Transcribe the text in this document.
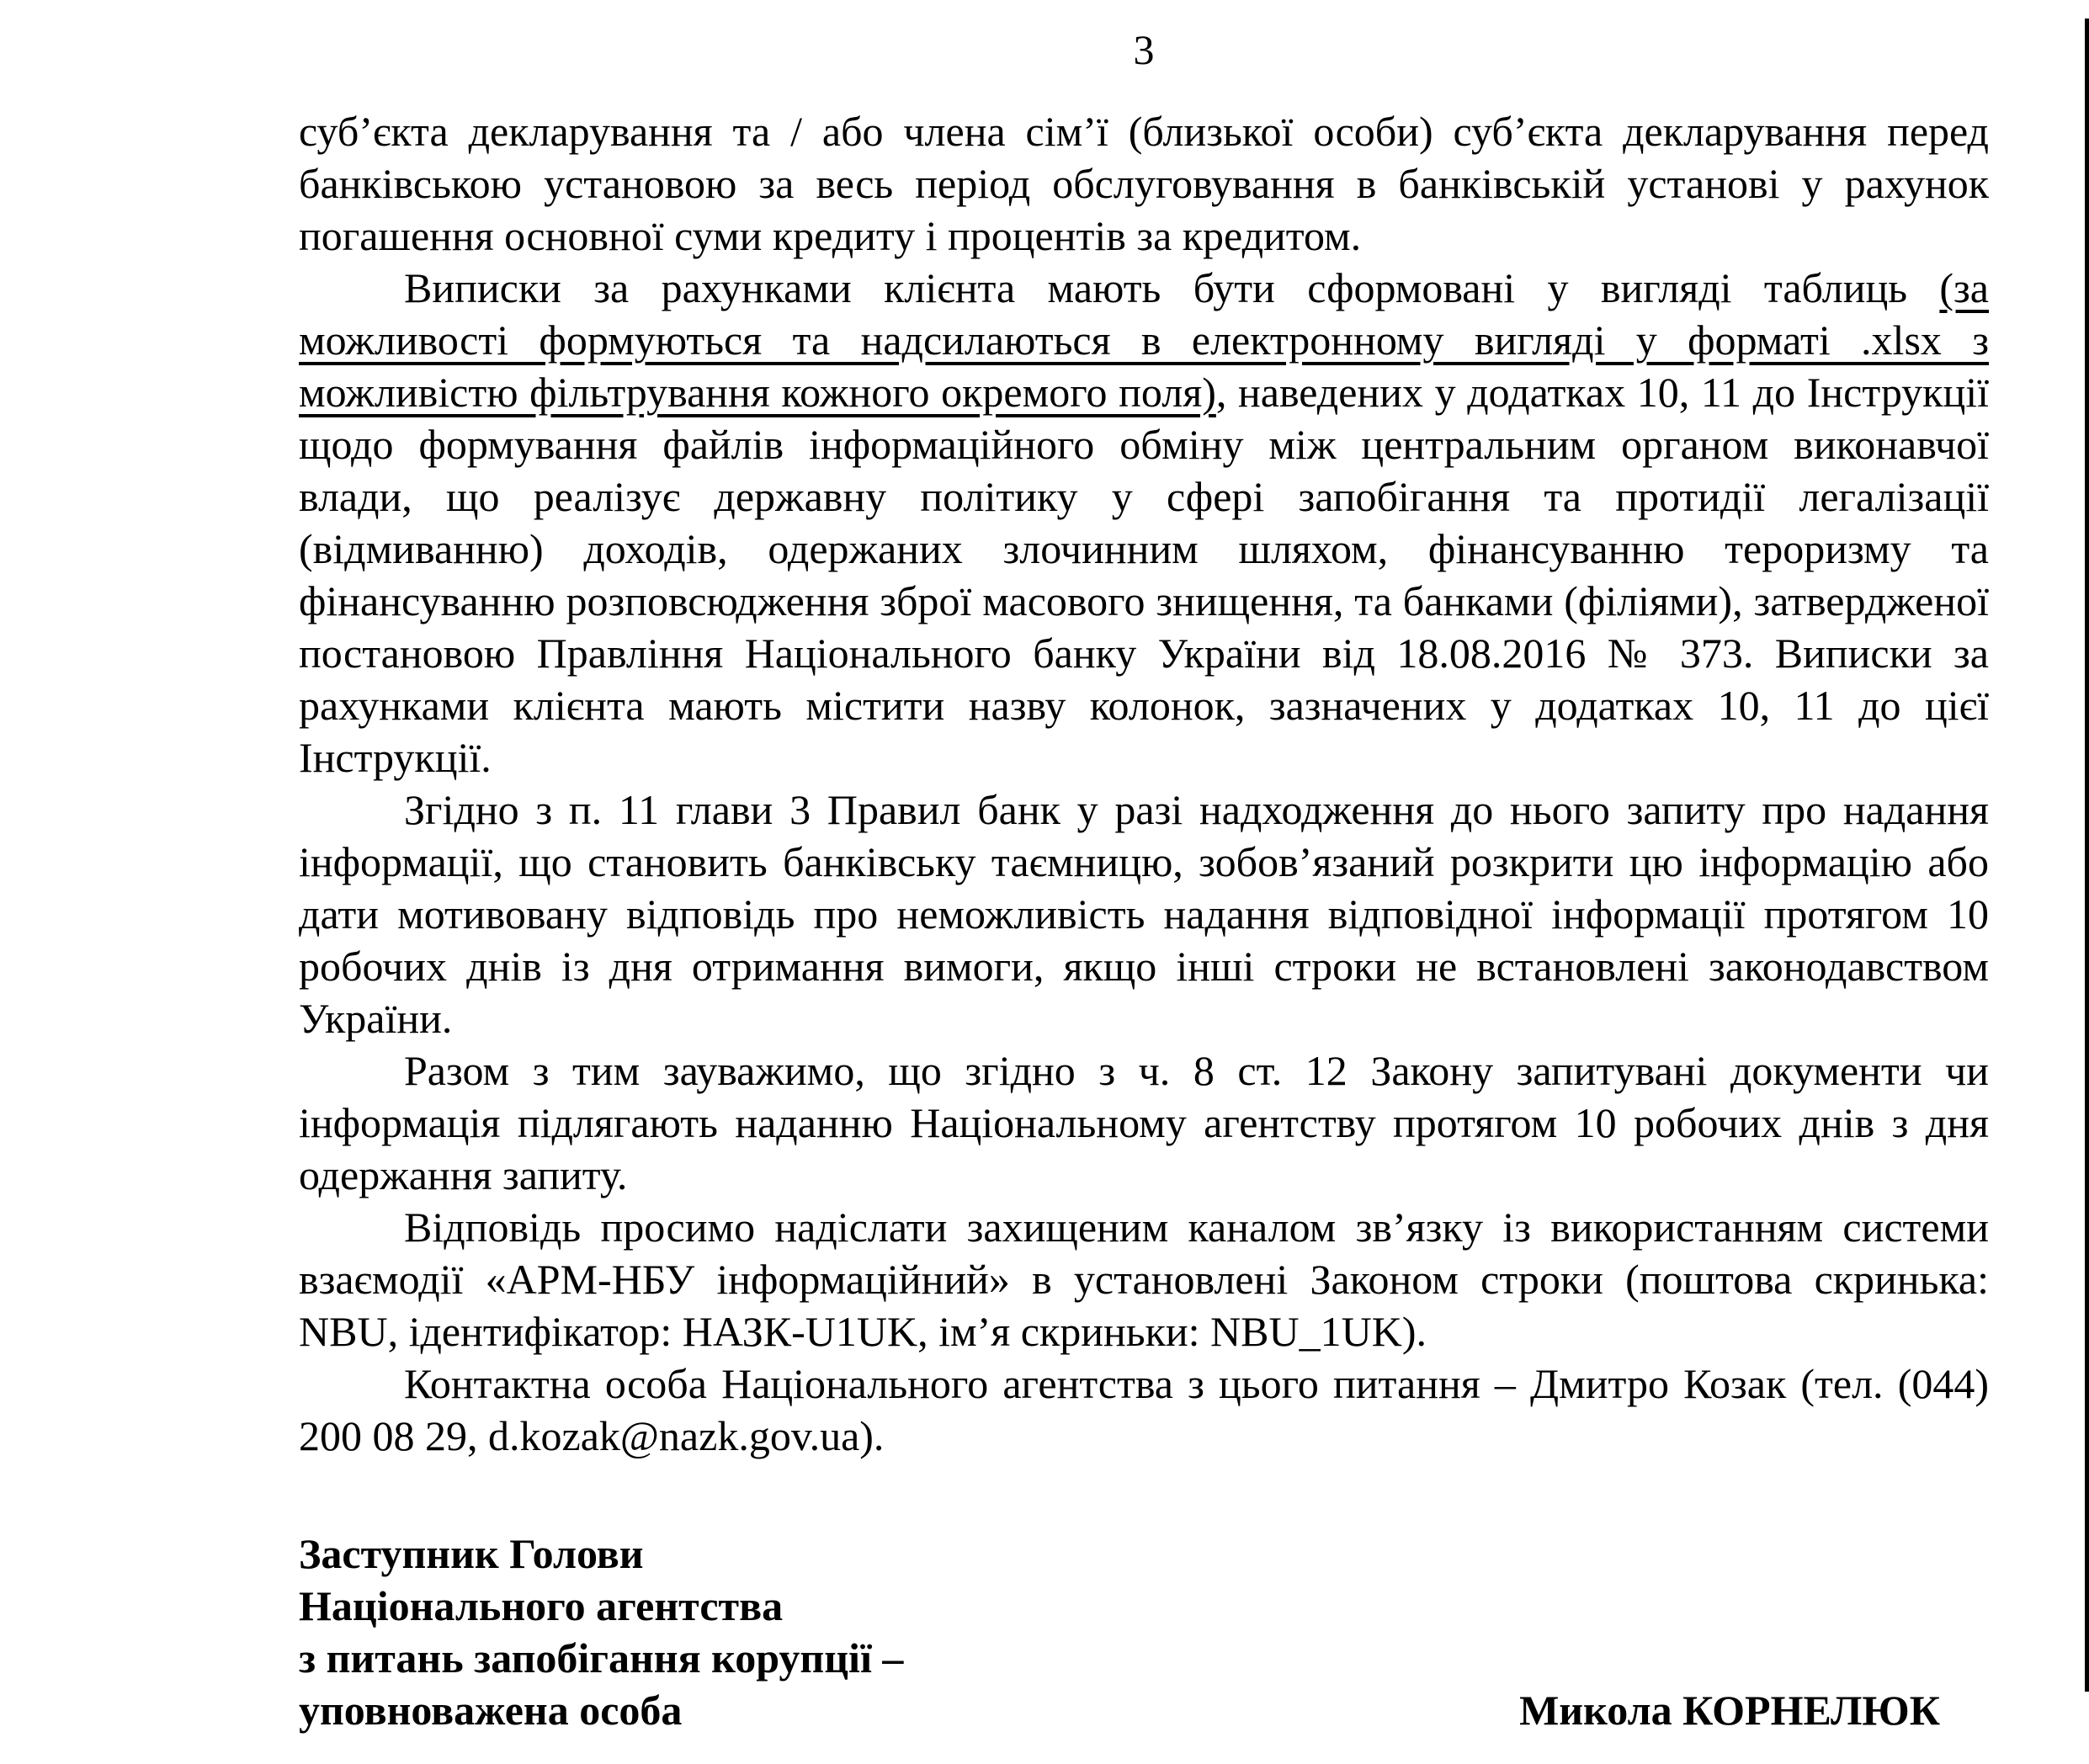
3

суб’єкта декларування та / або члена сім’ї (близької особи) суб’єкта декларування перед банківською установою за весь період обслуговування в банківській установі у рахунок погашення основної суми кредиту і процентів за кредитом.

Виписки за рахунками клієнта мають бути сформовані у вигляді таблиць (за можливості формуються та надсилаються в електронному вигляді у форматі .xlsx з можливістю фільтрування кожного окремого поля), наведених у додатках 10, 11 до Інструкції щодо формування файлів інформаційного обміну між центральним органом виконавчої влади, що реалізує державну політику у сфері запобігання та протидії легалізації (відмиванню) доходів, одержаних злочинним шляхом, фінансуванню тероризму та фінансуванню розповсюдження зброї масового знищення, та банками (філіями), затвердженої постановою Правління Національного банку України від 18.08.2016 № 373. Виписки за рахунками клієнта мають містити назву колонок, зазначених у додатках 10, 11 до цієї Інструкції.

Згідно з п. 11 глави 3 Правил банк у разі надходження до нього запиту про надання інформації, що становить банківську таємницю, зобов’язаний розкрити цю інформацію або дати мотивовану відповідь про неможливість надання відповідної інформації протягом 10 робочих днів із дня отримання вимоги, якщо інші строки не встановлені законодавством України.

Разом з тим зауважимо, що згідно з ч. 8 ст. 12 Закону запитувані документи чи інформація підлягають наданню Національному агентству протягом 10 робочих днів з дня одержання запиту.

Відповідь просимо надіслати захищеним каналом зв’язку із використанням системи взаємодії «АРМ-НБУ інформаційний» в установлені Законом строки (поштова скринька: NBU, ідентифікатор: НАЗК-U1UK, ім’я скриньки: NBU_1UK).

Контактна особа Національного агентства з цього питання – Дмитро Козак (тел. (044) 200 08 29, d.kozak@nazk.gov.ua).

Заступник Голови

Національного агентства

з питань запобігання корупції –

уповноважена особа	Микола КОРНЕЛЮК
